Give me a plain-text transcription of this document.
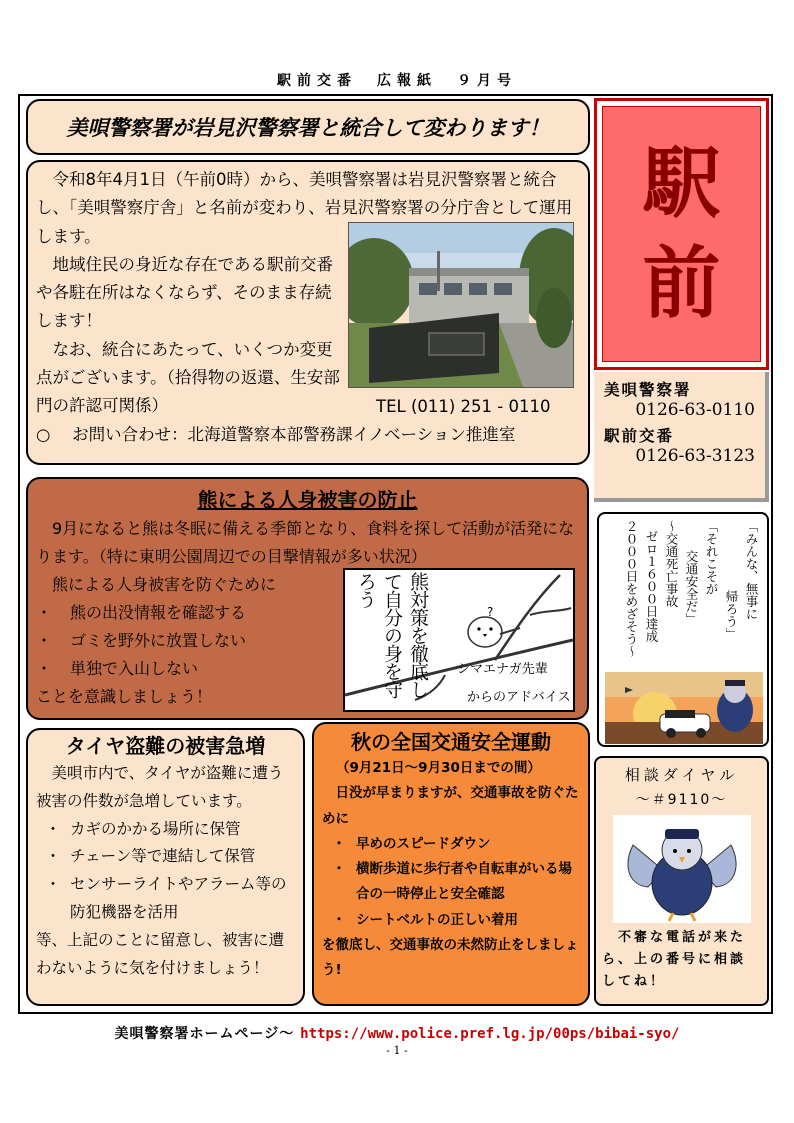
駅前交番　広報紙　９月号
美唄警察署が岩見沢警察署と統合して変わります！

　令和8年4月1日（午前0時）から、美唄警察署は岩見沢警察署と統合し、「美唄警察庁舎」と名前が変わり、岩見沢警察署の分庁舎として運用します。

　地域住民の身近な存在である駅前交番や各駐在所はなくならず、そのまま存続します！

　なお、統合にあたって、いくつか変更点がございます。（拾得物の返還、生安部門の許認可関係）	TEL (011) 251 - 0110

○　 お問い合わせ：北海道警察本部警務課イノベーション推進室

駅
前
美唄警察署
0126-63-0110
駅前交番
0126-63-3123
熊による人身被害の防止

　9月になると熊は冬眠に備える季節となり、食料を探して活動が活発になります。（特に東明公園周辺での目撃情報が多い状況）

　熊による人身被害を防ぐために

・ 熊の出没情報を確認する

・ ゴミを野外に放置しない

・ 単独で入山しない

ことを意識しましょう！

?
熊対策を徹底して自分の身を守ろう
シマエナガ先輩
からのアドバイス
「みんな、無事に
帰ろう」
「それこそが
交通安全だ」
～交通死亡事故
ゼロ１６００日達成
２０００日をめざそう～
タイヤ盗難の被害急増

　美唄市内で、タイヤが盗難に遭う被害の件数が急増しています。

・ カギのかかる場所に保管

・ チェーン等で連結して保管

・ センサーライトやアラーム等の防犯機器を活用

等、上記のことに留意し、被害に遭わないように気を付けましょう！

秋の全国交通安全運動

（9月21日～9月30日までの間）

　日没が早まりますが、交通事故を防ぐために

・ 早めのスピードダウン

・ 横断歩道に歩行者や自転車がいる場合の一時停止と安全確認

・ シートベルトの正しい着用

を徹底し、交通事故の未然防止をしましょう!

相談ダイヤル
～＃9110～
　不審な電話が来たら、上の番号に相談してね！
美唄警察署ホームページ～ https://www.police.pref.lg.jp/00ps/bibai-syo/
- 1 -
